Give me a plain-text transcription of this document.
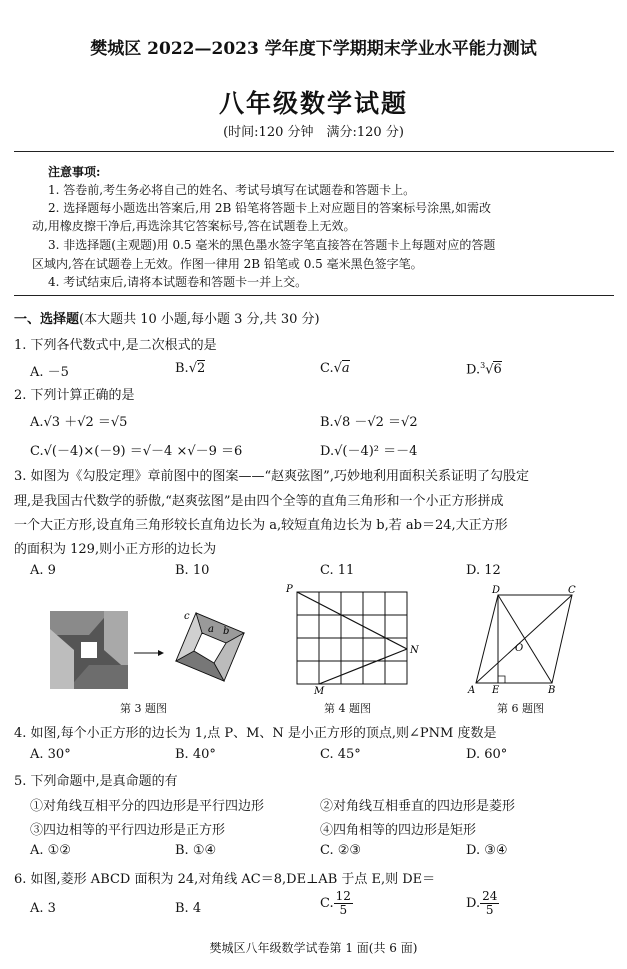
樊城区 2022—2023 学年度下学期期末学业水平能力测试
八年级数学试题
(时间:120 分钟　满分:120 分)
注意事项:
1. 答卷前,考生务必将自己的姓名、考试号填写在试题卷和答题卡上。
2. 选择题每小题选出答案后,用 2B 铅笔将答题卡上对应题目的答案标号涂黑,如需改
动,用橡皮擦干净后,再选涂其它答案标号,答在试题卷上无效。
3. 非选择题(主观题)用 0.5 毫米的黑色墨水签字笔直接答在答题卡上每题对应的答题
区域内,答在试题卷上无效。作图一律用 2B 铅笔或 0.5 毫米黑色签字笔。
4. 考试结束后,请将本试题卷和答题卡一并上交。
一、选择题(本大题共 10 小题,每小题 3 分,共 30 分)
1. 下列各代数式中,是二次根式的是
A. －5	B.√2	C.√a	D.$^3$√6
2. 下列计算正确的是
A.√3 ＋√2 ＝√5	B.√8 －√2 ＝√2
C.√(－4)×(－9) ＝√－4 ×√－9 ＝6	D.√(－4)² ＝－4
3. 如图为《勾股定理》章前图中的图案——“赵爽弦图”,巧妙地利用面积关系证明了勾股定
理,是我国古代数学的骄傲,“赵爽弦图”是由四个全等的直角三角形和一个小正方形拼成
一个大正方形,设直角三角形较长直角边长为 a,较短直角边长为 b,若 ab＝24,大正方形
的面积为 129,则小正方形的边长为
A. 9	B. 10	C. 11	D. 12
c
a b
第 3 题图
P
N
M
第 4 题图
D	C
O
A E	B
第 6 题图
4. 如图,每个小正方形的边长为 1,点 P、M、N 是小正方形的顶点,则∠PNM 度数是
A. 30°	B. 40°	C. 45°	D. 60°
5. 下列命题中,是真命题的有
①对角线互相平分的四边形是平行四边形	②对角线互相垂直的四边形是菱形
③四边相等的平行四边形是正方形	④四角相等的四边形是矩形
A. ①②	B. ①④	C. ②③	D. ③④
6. 如图,菱形 ABCD 面积为 24,对角线 AC＝8,DE⊥AB 于点 E,则 DE＝
A. 3	B. 4	C. $\frac{12}{5}$	D. $\frac{24}{5}$
樊城区八年级数学试卷第 1 面(共 6 面)
